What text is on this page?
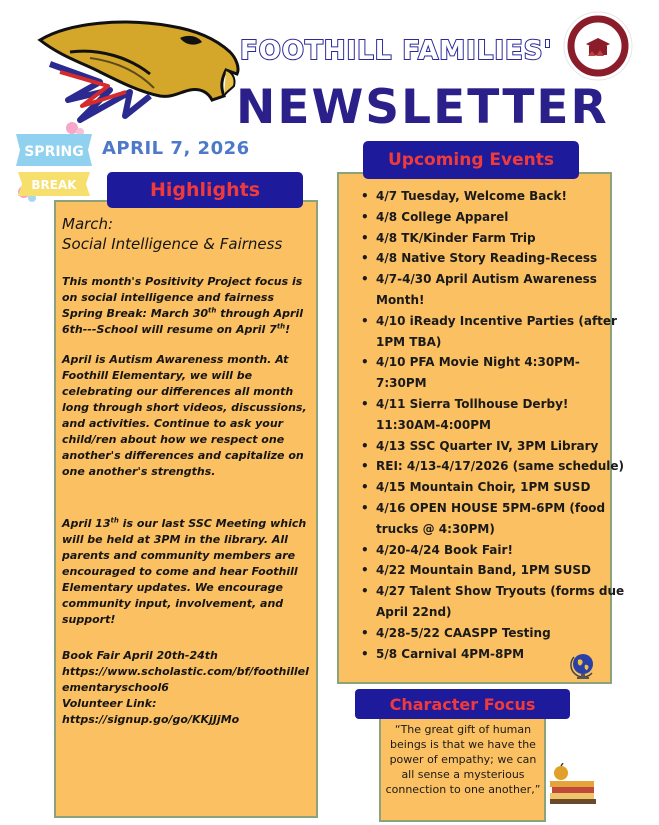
FOOTHILL FAMILIES'
NEWSLETTER
SPRING
BREAK
APRIL 7, 2026
Highlights
March:
Social Intelligence & Fairness

This month's Positivity Project focus is on social intelligence and fairness Spring Break: March 30th through April 6th---School will resume on April 7th!

April is Autism Awareness month. At Foothill Elementary, we will be celebrating our differences all month long through short videos, discussions, and activities. Continue to ask your child/ren about how we respect one another's differences and capitalize on one another's strengths.

April 13th is our last SSC Meeting which will be held at 3PM in the library. All parents and community members are encouraged to come and hear Foothill Elementary updates. We encourage community input, involvement, and support!

Book Fair April 20th-24th
https://www.scholastic.com/bf/foothillelementaryschool6
Volunteer Link:
https://signup.go/go/KKjJjMo

Upcoming Events
• 4/7 Tuesday, Welcome Back!
• 4/8 College Apparel
• 4/8 TK/Kinder Farm Trip
• 4/8 Native Story Reading-Recess
• 4/7-4/30 April Autism Awareness Month!
• 4/10 iReady Incentive Parties (after 1PM TBA)
• 4/10 PFA Movie Night 4:30PM-7:30PM
• 4/11 Sierra Tollhouse Derby! 11:30AM-4:00PM
• 4/13 SSC Quarter IV, 3PM Library
• REI: 4/13-4/17/2026 (same schedule)
• 4/15 Mountain Choir, 1PM SUSD
• 4/16 OPEN HOUSE 5PM-6PM (food trucks @ 4:30PM)
• 4/20-4/24 Book Fair!
• 4/22 Mountain Band, 1PM SUSD
• 4/27 Talent Show Tryouts (forms due April 22nd)
• 4/28-5/22 CAASPP Testing
• 5/8 Carnival 4PM-8PM
Character Focus
“The great gift of human beings is that we have the power of empathy; we can all sense a mysterious connection to one another,”
